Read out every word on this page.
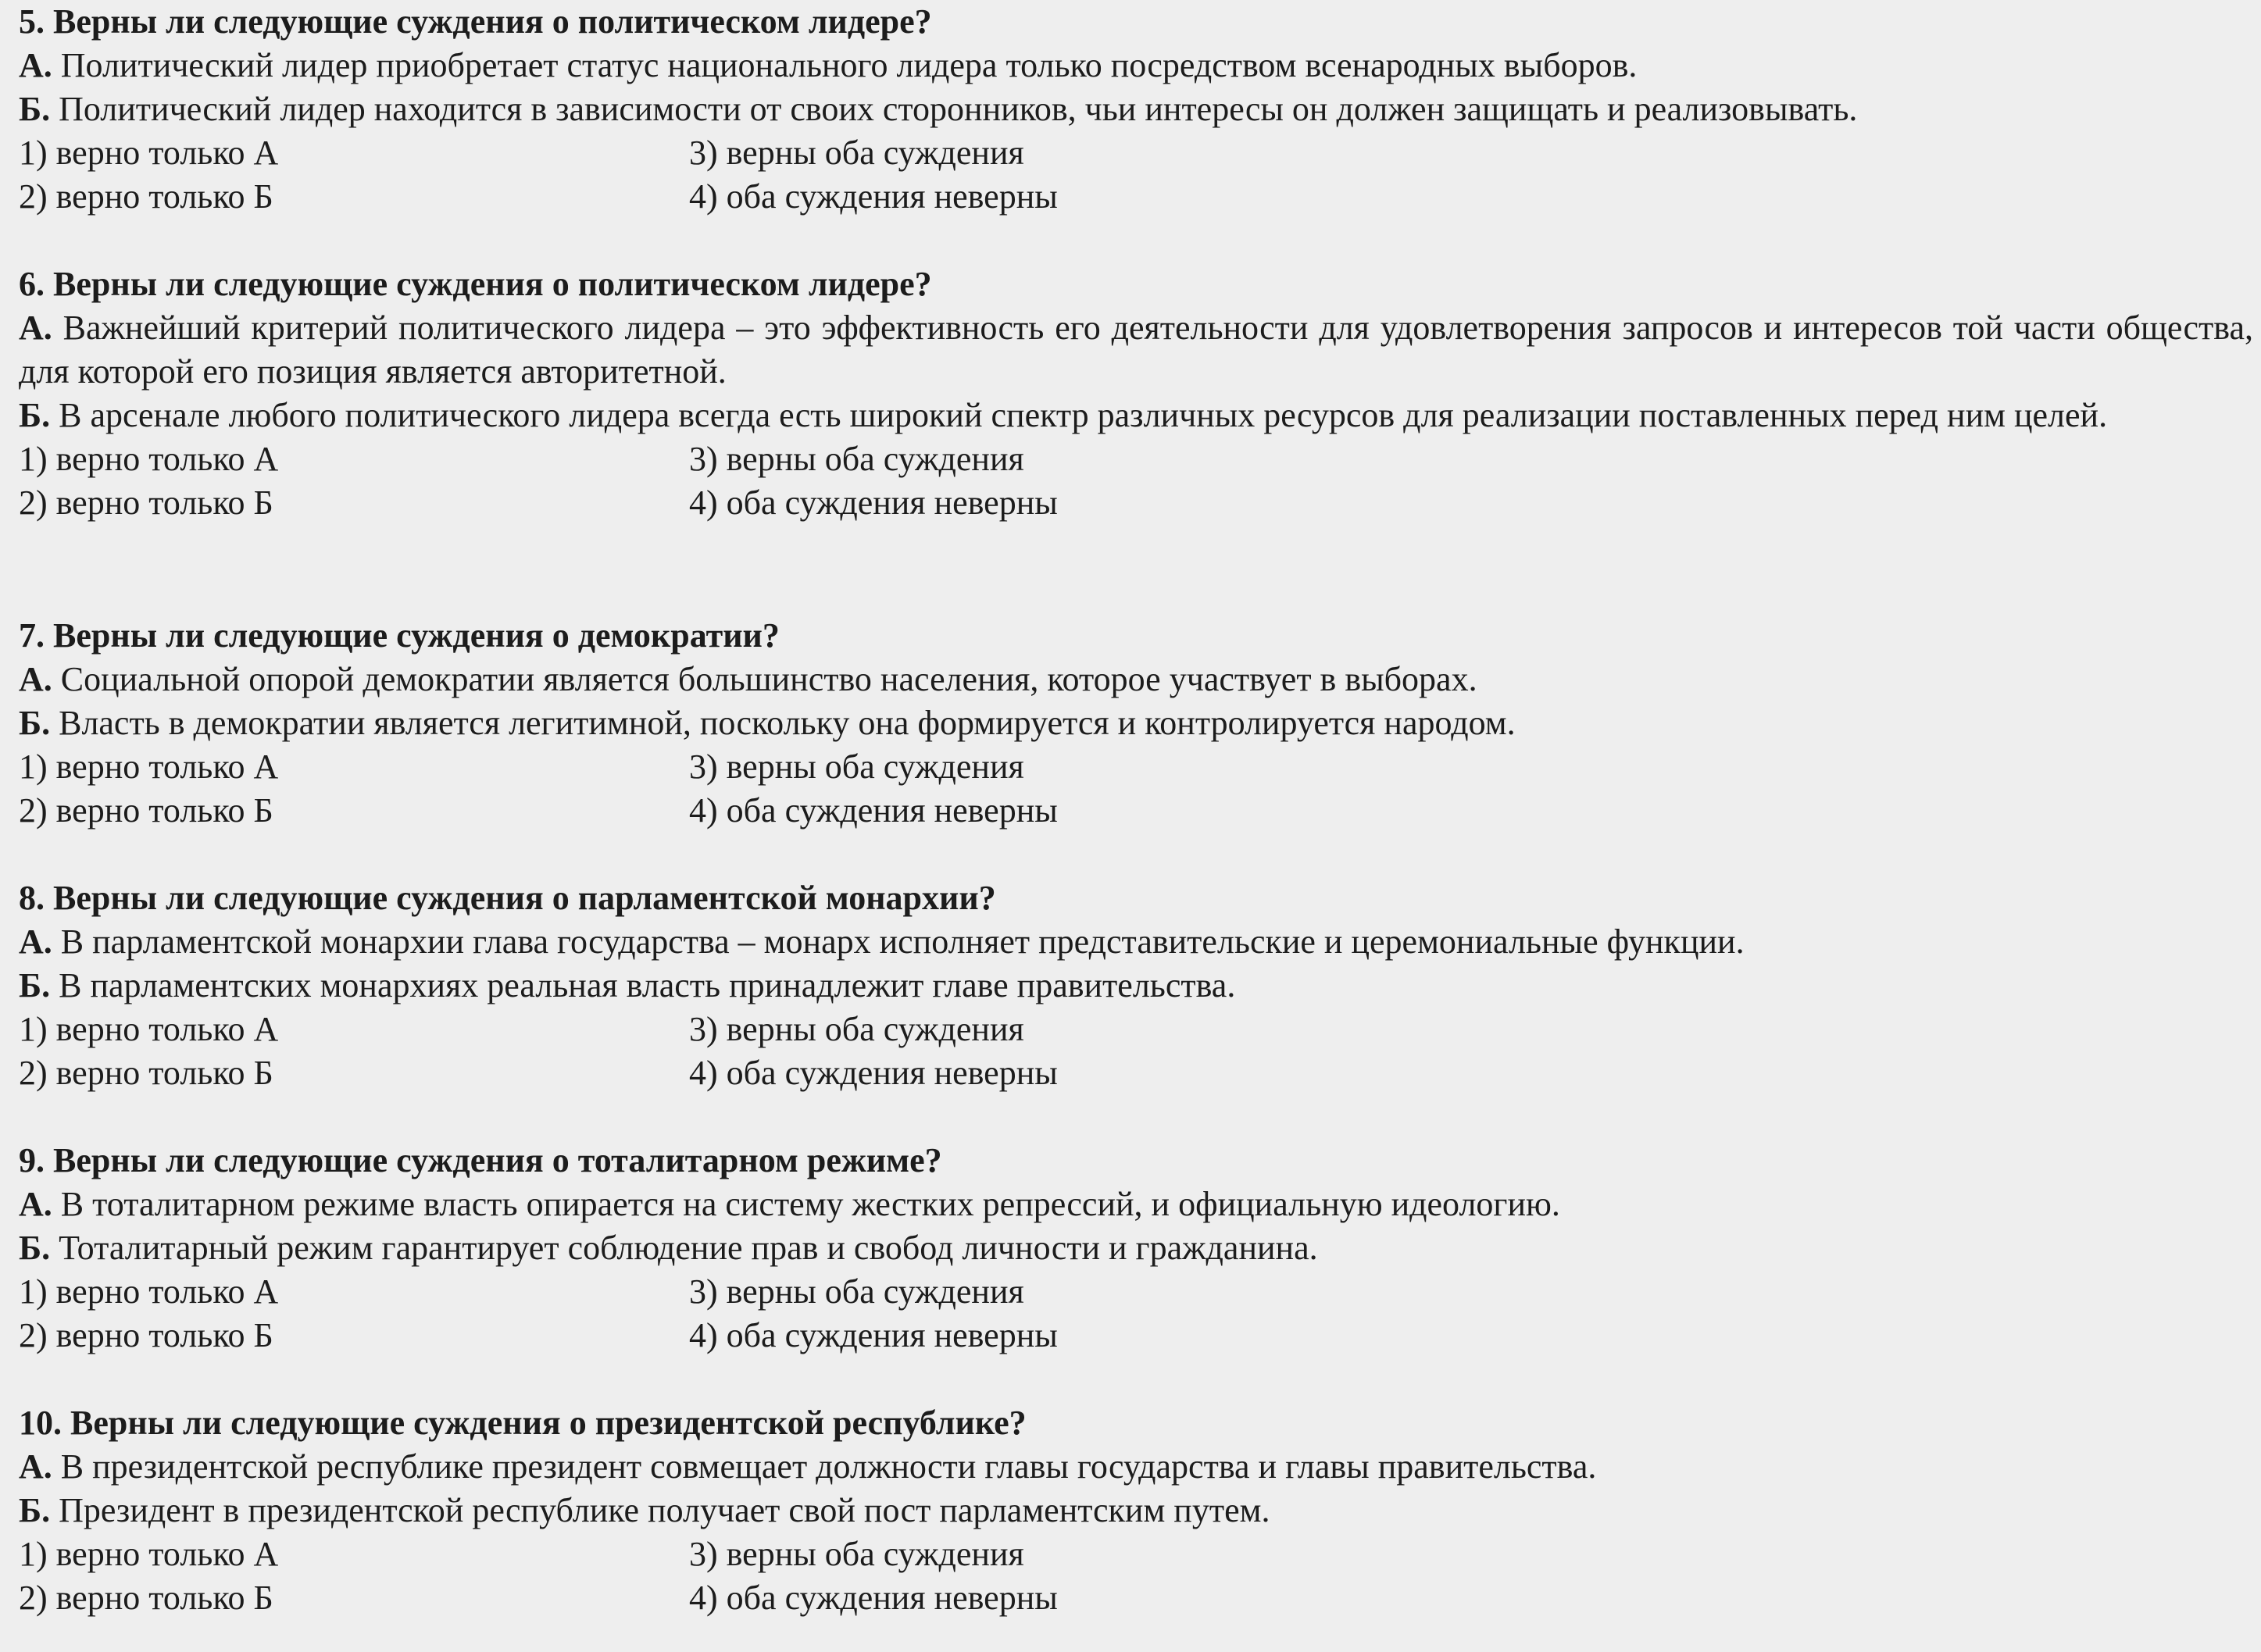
5. Верны ли следующие суждения о политическом лидере?
А. Политический лидер приобретает статус национального лидера только посредством всенародных выборов.
Б. Политический лидер находится в зависимости от своих сторонников, чьи интересы он должен защищать и реализовывать.
1) верно только А
2) верно только Б
3) верны оба суждения
4) оба суждения неверны
6. Верны ли следующие суждения о политическом лидере?
А. Важнейший критерий политического лидера – это эффективность его деятельности для удовлетворения запросов и интересов той части общества, для которой его позиция является авторитетной.
Б. В арсенале любого политического лидера всегда есть широкий спектр различных ресурсов для реализации поставленных перед ним целей.
1) верно только А
2) верно только Б
3) верны оба суждения
4) оба суждения неверны
7. Верны ли следующие суждения о демократии?
А. Социальной опорой демократии является большинство населения, которое участвует в выборах.
Б. Власть в демократии является легитимной, поскольку она формируется и контролируется народом.
1) верно только А
2) верно только Б
3) верны оба суждения
4) оба суждения неверны
8. Верны ли следующие суждения о парламентской монархии?
А. В парламентской монархии глава государства – монарх исполняет представительские и церемониальные функции.
Б. В парламентских монархиях реальная власть принадлежит главе правительства.
1) верно только А
2) верно только Б
3) верны оба суждения
4) оба суждения неверны
9. Верны ли следующие суждения о тоталитарном режиме?
А. В тоталитарном режиме власть опирается на систему жестких репрессий, и официальную идеологию.
Б. Тоталитарный режим гарантирует соблюдение прав и свобод личности и гражданина.
1) верно только А
2) верно только Б
3) верны оба суждения
4) оба суждения неверны
10. Верны ли следующие суждения о президентской республике?
А. В президентской республике президент совмещает должности главы государства и главы правительства.
Б. Президент в президентской республике получает свой пост парламентским путем.
1) верно только А
2) верно только Б
3) верны оба суждения
4) оба суждения неверны
